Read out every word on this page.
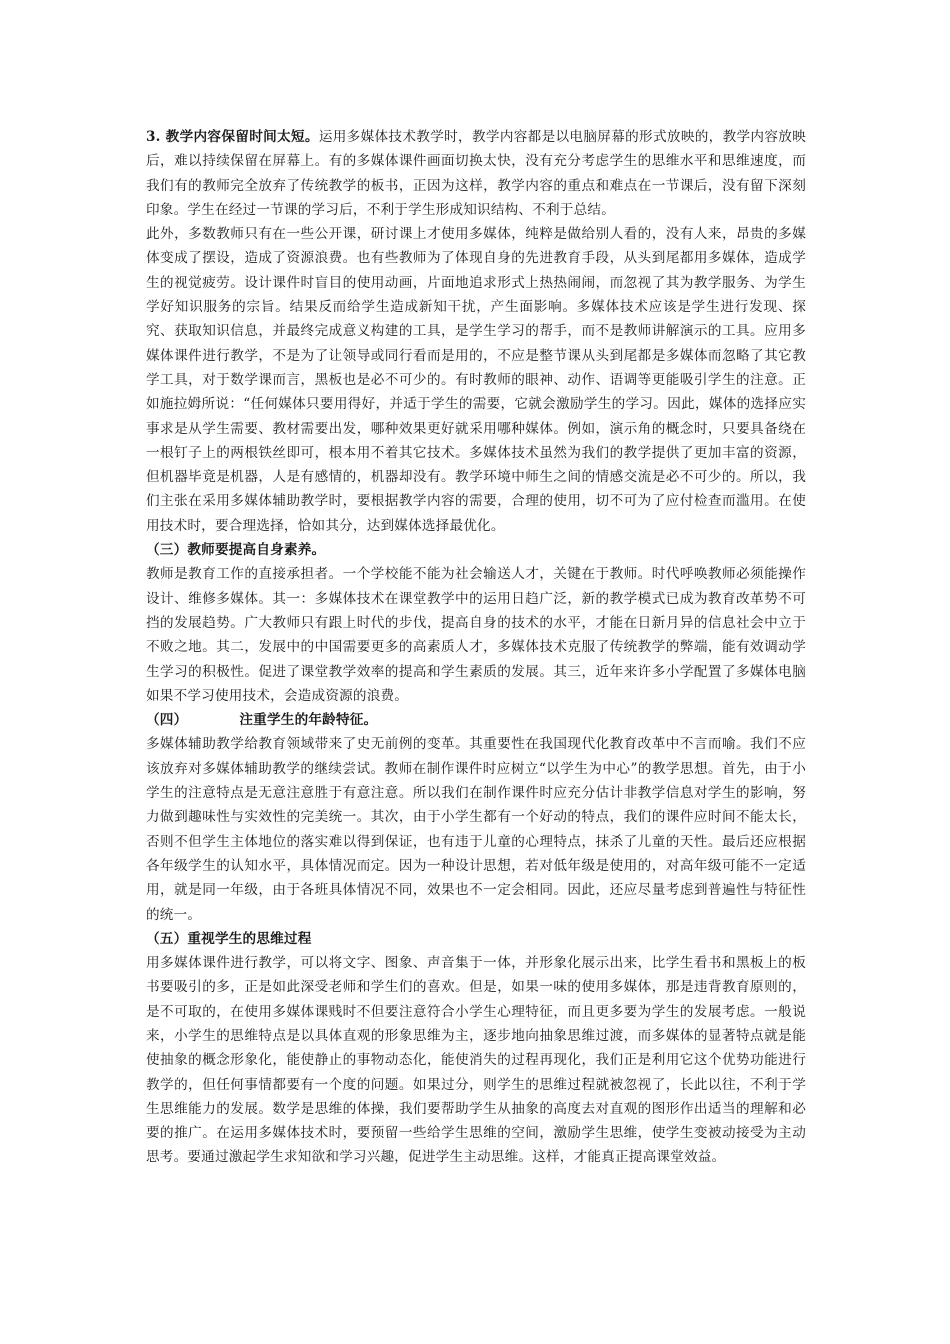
3. 教学内容保留时间太短。运用多媒体技术教学时，教学内容都是以电脑屏幕的形式放映的，教学内容放映后，难以持续保留在屏幕上。有的多媒体课件画面切换太快，没有充分考虑学生的思维水平和思维速度，而我们有的教师完全放弃了传统教学的板书，正因为这样，教学内容的重点和难点在一节课后，没有留下深刻印象。学生在经过一节课的学习后，不利于学生形成知识结构、不利于总结。

此外，多数教师只有在一些公开课，研讨课上才使用多媒体，纯粹是做给别人看的，没有人来，昂贵的多媒体变成了摆设，造成了资源浪费。也有些教师为了体现自身的先进教育手段，从头到尾都用多媒体，造成学生的视觉疲劳。设计课件时盲目的使用动画，片面地追求形式上热热闹闹，而忽视了其为教学服务、为学生学好知识服务的宗旨。结果反而给学生造成新知干扰，产生面影响。多媒体技术应该是学生进行发现、探究、获取知识信息，并最终完成意义构建的工具，是学生学习的帮手，而不是教师讲解演示的工具。应用多媒体课件进行教学，不是为了让领导或同行看而是用的，不应是整节课从头到尾都是多媒体而忽略了其它教学工具，对于数学课而言，黑板也是必不可少的。有时教师的眼神、动作、语调等更能吸引学生的注意。正如施拉姆所说：“任何媒体只要用得好，并适于学生的需要，它就会激励学生的学习。因此，媒体的选择应实事求是从学生需要、教材需要出发，哪种效果更好就采用哪种媒体。例如，演示角的概念时，只要具备绕在一根钉子上的两根铁丝即可，根本用不着其它技术。多媒体技术虽然为我们的教学提供了更加丰富的资源，但机器毕竟是机器，人是有感情的，机器却没有。教学环境中师生之间的情感交流是必不可少的。所以，我们主张在采用多媒体辅助教学时，要根据教学内容的需要，合理的使用，切不可为了应付检查而滥用。在使用技术时，要合理选择，恰如其分，达到媒体选择最优化。

（三）教师要提高自身素养。

教师是教育工作的直接承担者。一个学校能不能为社会输送人才，关键在于教师。时代呼唤教师必须能操作设计、维修多媒体。其一：多媒体技术在课堂教学中的运用日趋广泛，新的教学模式已成为教育改革势不可挡的发展趋势。广大教师只有跟上时代的步伐，提高自身的技术的水平，才能在日新月异的信息社会中立于不败之地。其二，发展中的中国需要更多的高素质人才，多媒体技术克服了传统教学的弊端，能有效调动学生学习的积极性。促进了课堂教学效率的提高和学生素质的发展。其三，近年来许多小学配置了多媒体电脑如果不学习使用技术，会造成资源的浪费。

（四）	注重学生的年龄特征。

多媒体辅助教学给教育领域带来了史无前例的变革。其重要性在我国现代化教育改革中不言而喻。我们不应该放弃对多媒体辅助教学的继续尝试。教师在制作课件时应树立“以学生为中心”的教学思想。首先，由于小学生的注意特点是无意注意胜于有意注意。所以我们在制作课件时应充分估计非教学信息对学生的影响，努力做到趣味性与实效性的完美统一。其次，由于小学生都有一个好动的特点，我们的课件应时间不能太长，否则不但学生主体地位的落实难以得到保证，也有违于儿童的心理特点，抹杀了儿童的天性。最后还应根据各年级学生的认知水平，具体情况而定。因为一种设计思想，若对低年级是使用的，对高年级可能不一定适用，就是同一年级，由于各班具体情况不同，效果也不一定会相同。因此，还应尽量考虑到普遍性与特征性的统一。

（五）重视学生的思维过程

用多媒体课件进行教学，可以将文字、图象、声音集于一体，并形象化展示出来，比学生看书和黑板上的板书要吸引的多，正是如此深受老师和学生们的喜欢。但是，如果一味的使用多媒体，那是违背教育原则的，是不可取的，在使用多媒体课贱时不但要注意符合小学生心理特征，而且更多要为学生的发展考虑。一般说来，小学生的思维特点是以具体直观的形象思维为主，逐步地向抽象思维过渡，而多媒体的显著特点就是能使抽象的概念形象化，能使静止的事物动态化，能使消失的过程再现化，我们正是利用它这个优势功能进行教学的，但任何事情都要有一个度的问题。如果过分，则学生的思维过程就被忽视了，长此以往，不利于学生思维能力的发展。数学是思维的体操，我们要帮助学生从抽象的高度去对直观的图形作出适当的理解和必要的推广。在运用多媒体技术时，要预留一些给学生思维的空间，激励学生思维，使学生变被动接受为主动思考。要通过激起学生求知欲和学习兴趣，促进学生主动思维。这样，才能真正提高课堂效益。
